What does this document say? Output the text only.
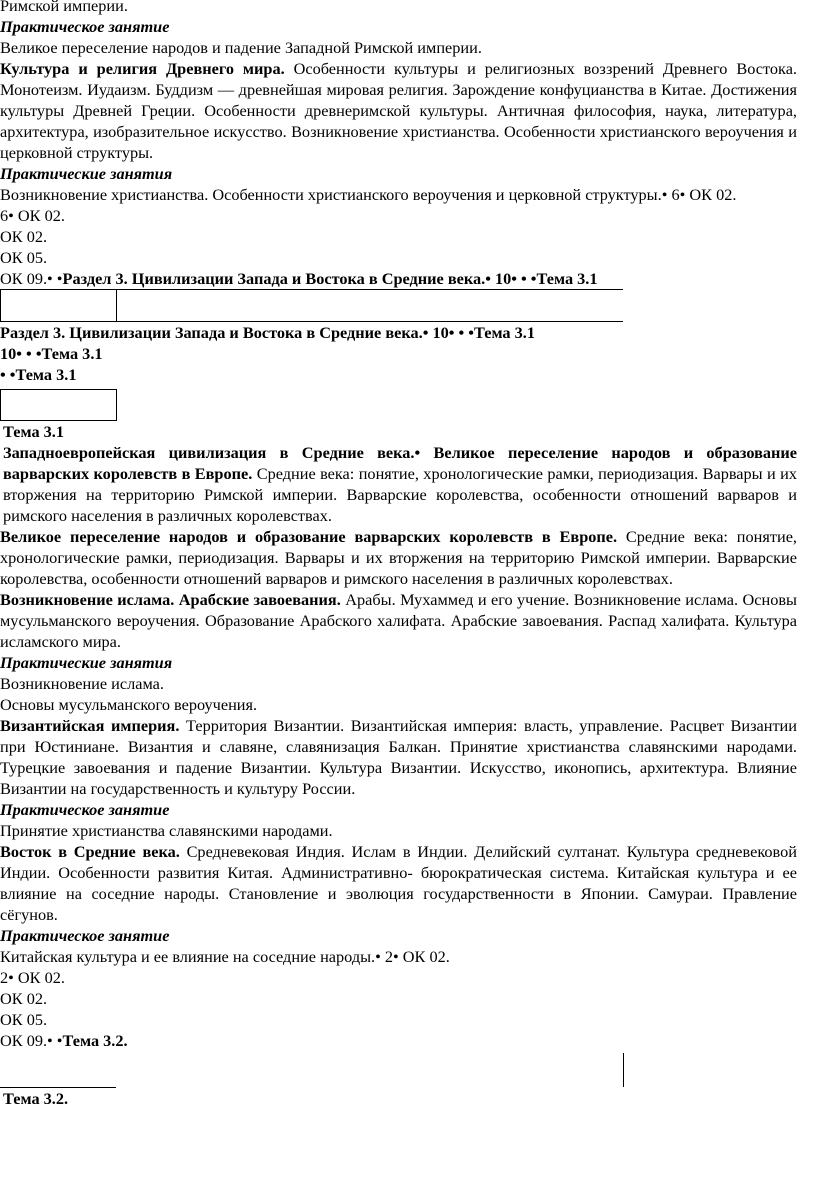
Римской империи.

Практическое занятие

Великое переселение народов и падение Западной Римской империи.

Культура и религия Древнего мира. Особенности культуры и религиозных воззрений Древнего Востока. Монотеизм. Иудаизм. Буддизм — древнейшая мировая религия. Зарождение конфуцианства в Китае. Достижения культуры Древней Греции. Особенности древнеримской культуры. Античная философия, наука, литература, архитектура, изобразительное искусство. Возникновение христианства. Особенности христианского вероучения и церковной структуры.

Практические занятия

Возникновение христианства. Особенности христианского вероучения и церковной структуры.• 6• ОК 02.

6• ОК 02.

ОК 02.

ОК 05.

ОК 09.• •Раздел 3. Цивилизации Запада и Востока в Средние века.• 10• • •Тема 3.1

Раздел 3. Цивилизации Запада и Востока в Средние века.• 10• • •Тема 3.1

10• • •Тема 3.1

• •Тема 3.1

Тема 3.1

Западноевропейская цивилизация в Средние века.• Великое переселение народов и образование варварских королевств в Европе. Средние века: понятие, хронологические рамки, периодизация. Варвары и их вторжения на территорию Римской империи. Варварские королевства, особенности отношений варваров и римского населения в различных королевствах.

Великое переселение народов и образование варварских королевств в Европе. Средние века: понятие, хронологические рамки, периодизация. Варвары и их вторжения на территорию Римской империи. Варварские королевства, особенности отношений варваров и римского населения в различных королевствах.

Возникновение ислама. Арабские завоевания. Арабы. Мухаммед и его учение. Возникновение ислама. Основы мусульманского вероучения. Образование Арабского халифата. Арабские завоевания. Распад халифата. Культура исламского мира.

Практические занятия

Возникновение ислама.

Основы мусульманского вероучения.

Византийская империя. Территория Византии. Византийская империя: власть, управление. Расцвет Византии при Юстиниане. Византия и славяне, славянизация Балкан. Принятие христианства славянскими народами. Турецкие завоевания и падение Византии. Культура Византии. Искусство, иконопись, архитектура. Влияние Византии на государственность и культуру России.

Практическое занятие

Принятие христианства славянскими народами.

Восток в Средние века. Средневековая Индия. Ислам в Индии. Делийский султанат. Культура средневековой Индии. Особенности развития Китая. Административно- бюрократическая система. Китайская культура и ее влияние на соседние народы. Становление и эволюция государственности в Японии. Самураи. Правление сёгунов.

Практическое занятие

Китайская культура и ее влияние на соседние народы.• 2• ОК 02.

2• ОК 02.

ОК 02.

ОК 05.

ОК 09.• •Тема 3.2.

Тема 3.2.
